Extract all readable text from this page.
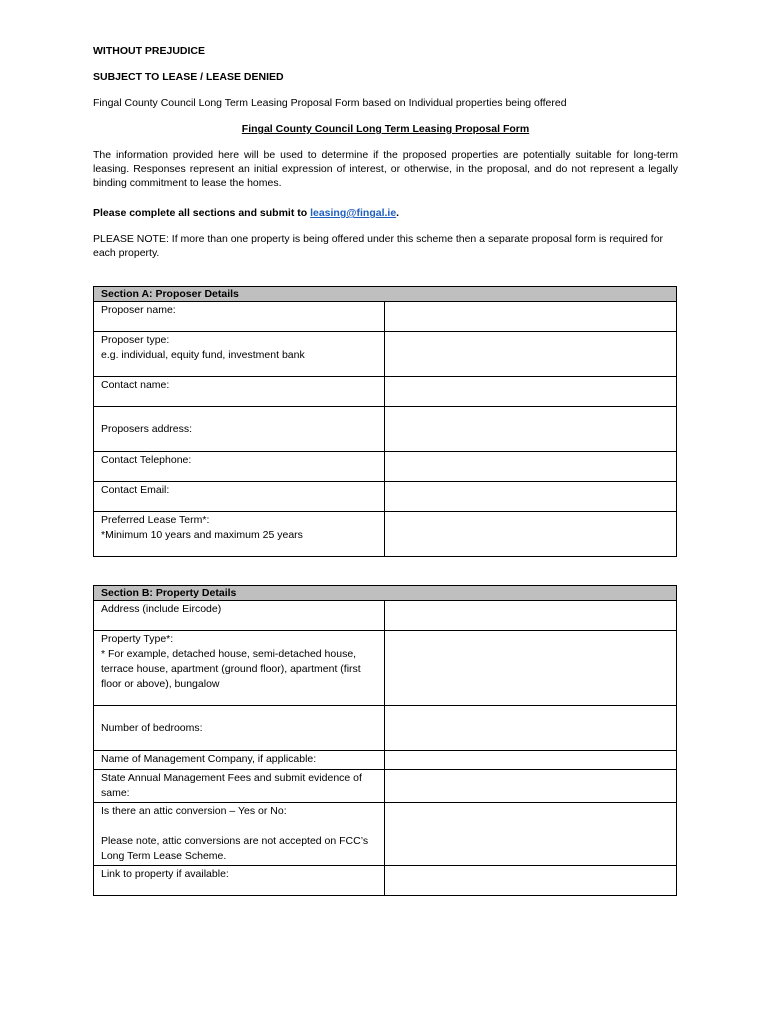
WITHOUT PREJUDICE

SUBJECT TO LEASE / LEASE DENIED

Fingal County Council Long Term Leasing Proposal Form based on Individual properties being offered

Fingal County Council Long Term Leasing Proposal Form

The information provided here will be used to determine if the proposed properties are potentially suitable for long-term leasing. Responses represent an initial expression of interest, or otherwise, in the proposal, and do not represent a legally binding commitment to lease the homes.

Please complete all sections and submit to leasing@fingal.ie.

PLEASE NOTE: If more than one property is being offered under this scheme then a separate proposal form is required for each property.

Section A: Proposer Details	
Proposer name:	
Proposer type:
e.g. individual, equity fund, investment bank	
Contact name:	
Proposers address:	
Contact Telephone:	
Contact Email:	
Preferred Lease Term*:
*Minimum 10 years and maximum 25 years	
Section B: Property Details	
Address (include Eircode)	
Property Type*:
* For example, detached house, semi-detached house, terrace house, apartment (ground floor), apartment (first floor or above), bungalow	
Number of bedrooms:	
Name of Management Company, if applicable:	
State Annual Management Fees and submit evidence of same:	
Is there an attic conversion – Yes or No:

Please note, attic conversions are not accepted on FCC’s Long Term Lease Scheme.	
Link to property if available:	
